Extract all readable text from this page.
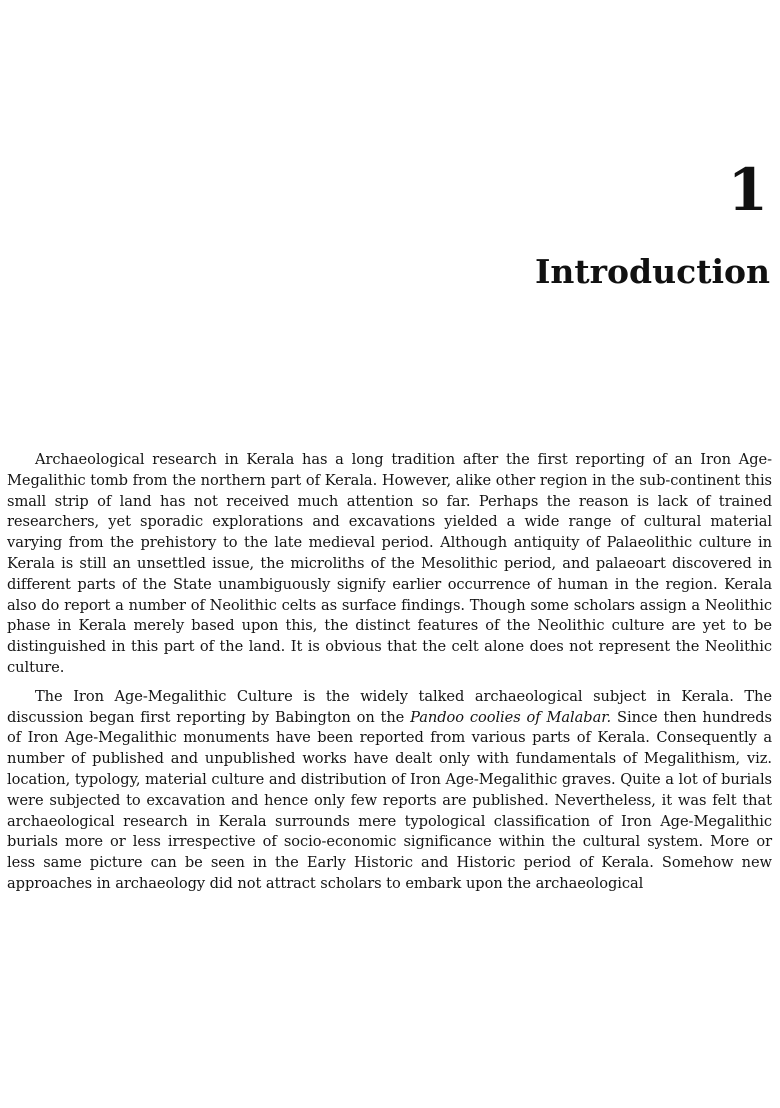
1
Introduction

Archaeological research in Kerala has a long tradition after the first reporting of an Iron Age-Megalithic tomb from the northern part of Kerala. However, alike other region in the sub-continent this small strip of land has not received much attention so far. Perhaps the reason is lack of trained researchers, yet sporadic explorations and excavations yielded a wide range of cultural material varying from the prehistory to the late medieval period. Although antiquity of Palaeolithic culture in Kerala is still an unsettled issue, the microliths of the Mesolithic period, and palaeoart discovered in different parts of the State unambiguously signify earlier occurrence of human in the region. Kerala also do report a number of Neolithic celts as surface findings. Though some scholars assign a Neolithic phase in Kerala merely based upon this, the distinct features of the Neolithic culture are yet to be distinguished in this part of the land. It is obvious that the celt alone does not represent the Neolithic culture.

The Iron Age-Megalithic Culture is the widely talked archaeological subject in Kerala. The discussion began first reporting by Babington on the Pandoo coolies of Malabar. Since then hundreds of Iron Age-Megalithic monuments have been reported from various parts of Kerala. Consequently a number of published and unpublished works have dealt only with fundamentals of Megalithism, viz. location, typology, material culture and distribution of Iron Age-Megalithic graves. Quite a lot of burials were subjected to excavation and hence only few reports are published. Nevertheless, it was felt that archaeological research in Kerala surrounds mere typological classification of Iron Age-Megalithic burials more or less irrespective of socio-economic significance within the cultural system. More or less same picture can be seen in the Early Historic and Historic period of Kerala. Somehow new approaches in archaeology did not attract scholars to embark upon the archaeological
